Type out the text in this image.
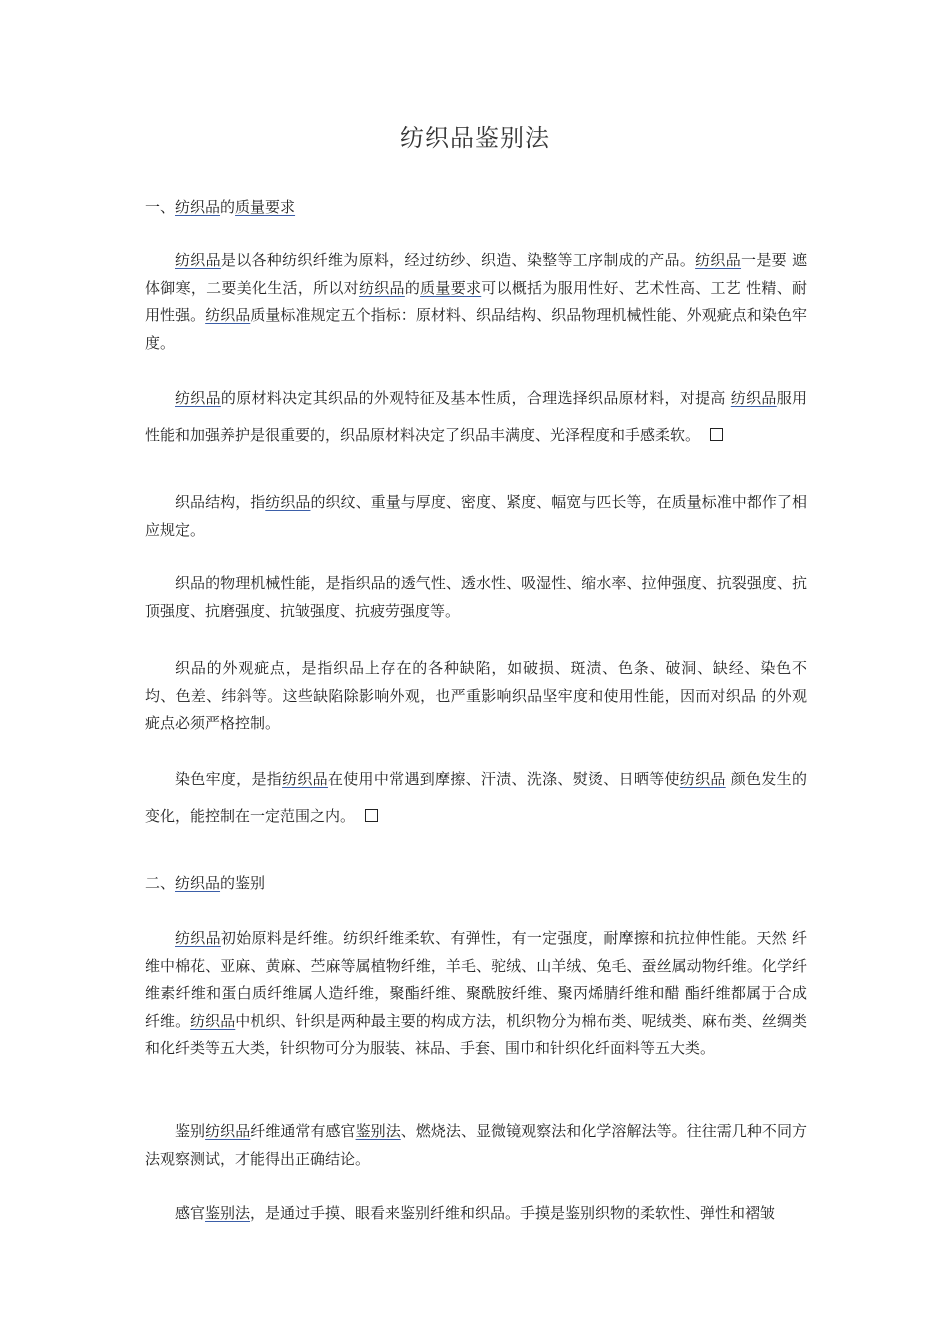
纺织品鉴别法
一、纺织品的质量要求
纺织品是以各种纺织纤维为原料，经过纺纱、织造、染整等工序制成的产品。纺织品一是要 遮体御寒，二要美化生活，所以对纺织品的质量要求可以概括为服用性好、艺术性高、工艺 性精、耐用性强。纺织品质量标准规定五个指标：原材料、织品结构、织品物理机械性能、外观疵点和染色牢度。
纺织品的原材料决定其织品的外观特征及基本性质，合理选择织品原材料，对提高 纺织品服用性能和加强养护是很重要的，织品原材料决定了织品丰满度、光泽程度和手感柔软。
织品结构，指纺织品的织纹、重量与厚度、密度、紧度、幅宽与匹长等，在质量标准中都作了相应规定。
织品的物理机械性能，是指织品的透气性、透水性、吸湿性、缩水率、拉伸强度、抗裂强度、抗顶强度、抗磨强度、抗皱强度、抗疲劳强度等。
织品的外观疵点，是指织品上存在的各种缺陷，如破损、斑渍、色条、破洞、缺经、染色不 均、色差、纬斜等。这些缺陷除影响外观，也严重影响织品坚牢度和使用性能，因而对织品 的外观疵点必须严格控制。
染色牢度，是指纺织品在使用中常遇到摩擦、汗渍、洗涤、熨烫、日晒等使纺织品 颜色发生的变化，能控制在一定范围之内。
二、纺织品的鉴别
纺织品初始原料是纤维。纺织纤维柔软、有弹性，有一定强度，耐摩擦和抗拉伸性能。天然 纤维中棉花、亚麻、黄麻、苎麻等属植物纤维，羊毛、驼绒、山羊绒、兔毛、蚕丝属动物纤维。化学纤维素纤维和蛋白质纤维属人造纤维，聚酯纤维、聚酰胺纤维、聚丙烯腈纤维和醋 酯纤维都属于合成纤维。纺织品中机织、针织是两种最主要的构成方法，机织物分为棉布类、呢绒类、麻布类、丝绸类和化纤类等五大类，针织物可分为服装、袜品、手套、围巾和针织化纤面料等五大类。
鉴别纺织品纤维通常有感官鉴别法、燃烧法、显微镜观察法和化学溶解法等。往往需几种不同方法观察测试，才能得出正确结论。
感官鉴别法，是通过手摸、眼看来鉴别纤维和织品。手摸是鉴别织物的柔软性、弹性和褶皱
